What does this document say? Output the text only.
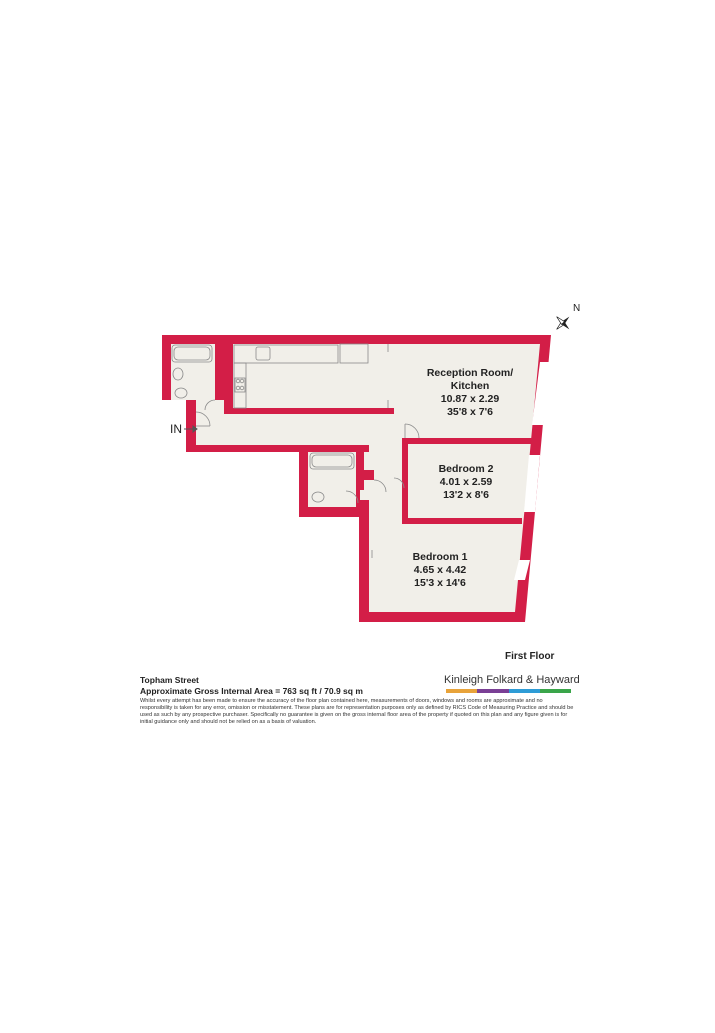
N
IN
Reception Room/
Kitchen
10.87 x 2.29
35'8 x 7'6
Bedroom 2
4.01 x 2.59
13'2 x 8'6
Bedroom 1
4.65 x 4.42
15'3 x 14'6
First Floor
Topham Street
Approximate Gross Internal Area = 763 sq ft / 70.9 sq m
Whilst every attempt has been made to ensure the accuracy of the floor plan contained here, measurements of doors, windows and rooms are approximate and no responsibility is taken for any error, omission or misstatement. These plans are for representation purposes only as defined by RICS Code of Measuring Practice and should be used as such by any prospective purchaser. Specifically no guarantee is given on the gross internal floor area of the property if quoted on this plan and any figure given is for initial guidance only and should not be relied on as a basis of valuation.
Kinleigh Folkard & Hayward
